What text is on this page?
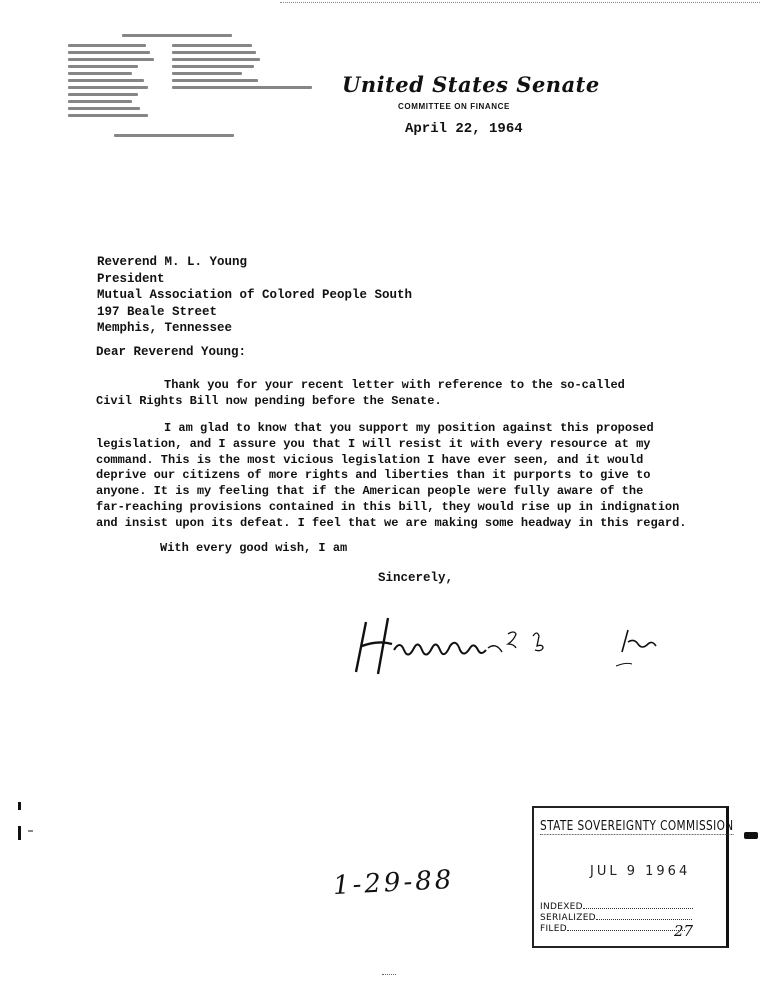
United States Senate
COMMITTEE ON FINANCE
April 22, 1964
Reverend M. L. Young
President
Mutual Association of Colored People South
197 Beale Street
Memphis, Tennessee
Dear Reverend Young:
Thank you for your recent letter with reference to the so-called
Civil Rights Bill now pending before the Senate.
I am glad to know that you support my position against this proposed
legislation, and I assure you that I will resist it with every resource at my
command. This is the most vicious legislation I have ever seen, and it would
deprive our citizens of more rights and liberties than it purports to give to
anyone. It is my feeling that if the American people were fully aware of the
far-reaching provisions contained in this bill, they would rise up in indignation
and insist upon its defeat. I feel that we are making some headway in this regard.
With every good wish, I am
Sincerely,
1-29-88
STATE SOVEREIGNTY COMMISSION
JUL 9 1964
INDEXED
SERIALIZED
FILED	27
